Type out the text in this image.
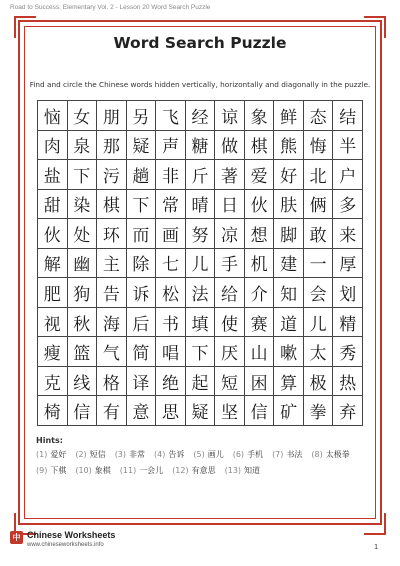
Road to Success: Elementary Vol. 2 - Lesson 20 Word Search Puzzle
Word Search Puzzle
Find and circle the Chinese words hidden vertically, horizontally and diagonally in the puzzle.
恼 女 朋 另 飞 经 谅 象 鲜 态 结
肉 泉 那 疑 声 糖 做 棋 熊 悔 半
盐 下 污 趟 非 斤 著 爱 好 北 户
甜 染 棋 下 常 晴 日 伙 肤 俩 多
伙 处 环 而 画 努 凉 想 脚 敢 来
解 幽 主 除 七 儿 手 机 建 一 厚
肥 狗 告 诉 松 法 给 介 知 会 划
视 秋 海 后 书 填 使 赛 道 儿 精
瘦 篮 气 简 唱 下 厌 山 嗽 太 秀
克 线 格 译 绝 起 短 困 算 极 热
椅 信 有 意 思 疑 坚 信 矿 拳 弃
Hints:
(1) 爱好 (2) 短信 (3) 非常 (4) 告诉 (5) 画儿 (6) 手机 (7) 书法 (8) 太极拳
(9) 下棋 (10) 象棋 (11) 一会儿 (12) 有意思 (13) 知道
中 Chinese Worksheets
www.chineseworksheets.info	1
